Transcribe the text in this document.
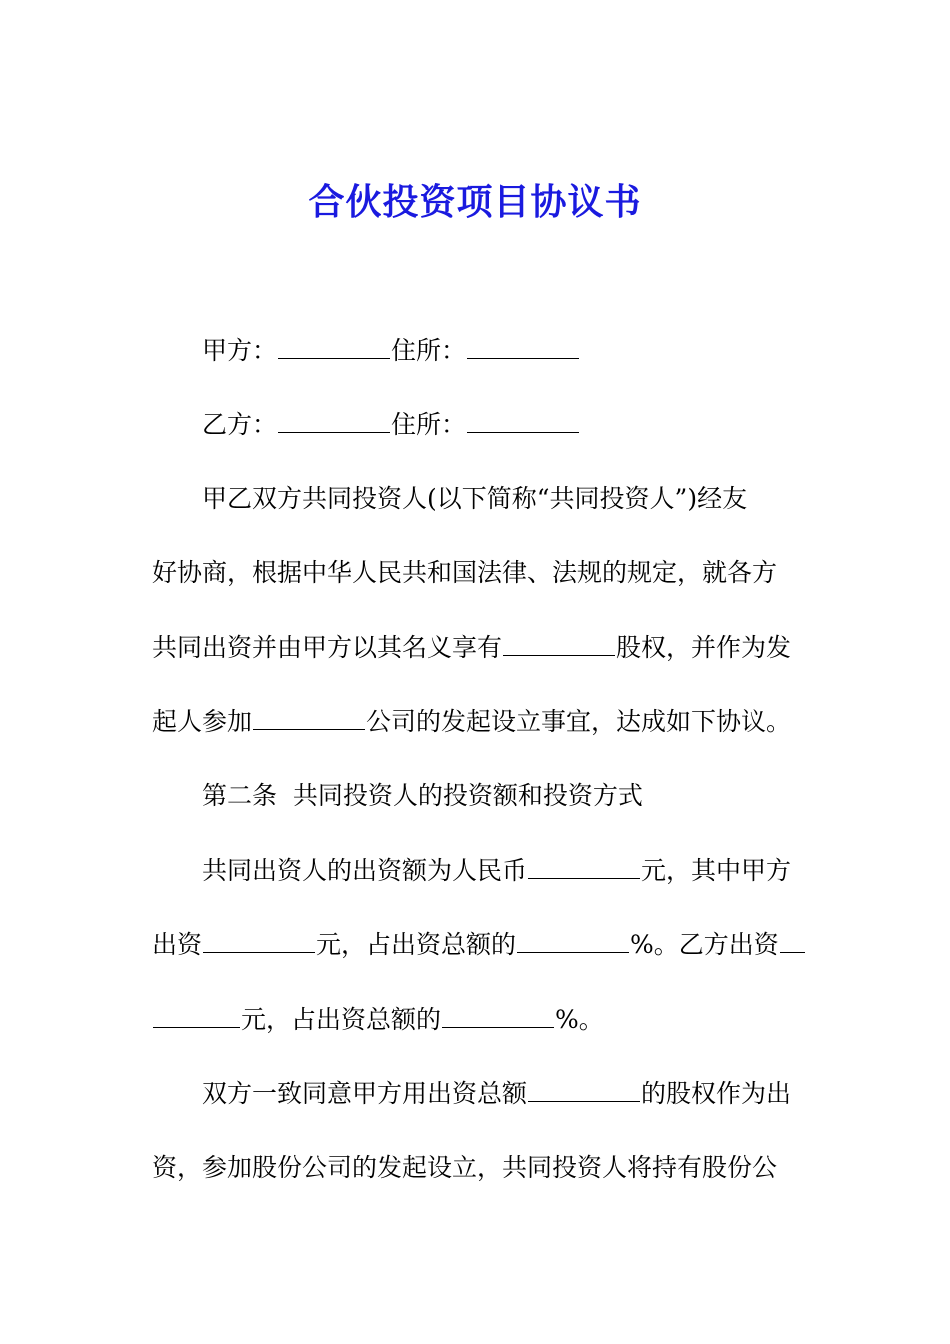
合伙投资项目协议书
甲方：	住所：
乙方：	住所：
甲乙双方共同投资人(以下简称“共同投资人”)经友
好协商，根据中华人民共和国法律、法规的规定，就各方
共同出资并由甲方以其名义享有	股权，并作为发
起人参加	公司的发起设立事宜，达成如下协议。
第二条  共同投资人的投资额和投资方式
共同出资人的出资额为人民币	元，其中甲方
出资	元，占出资总额的	%。乙方出资
元，占出资总额的	%。
双方一致同意甲方用出资总额	的股权作为出
资，参加股份公司的发起设立，共同投资人将持有股份公
